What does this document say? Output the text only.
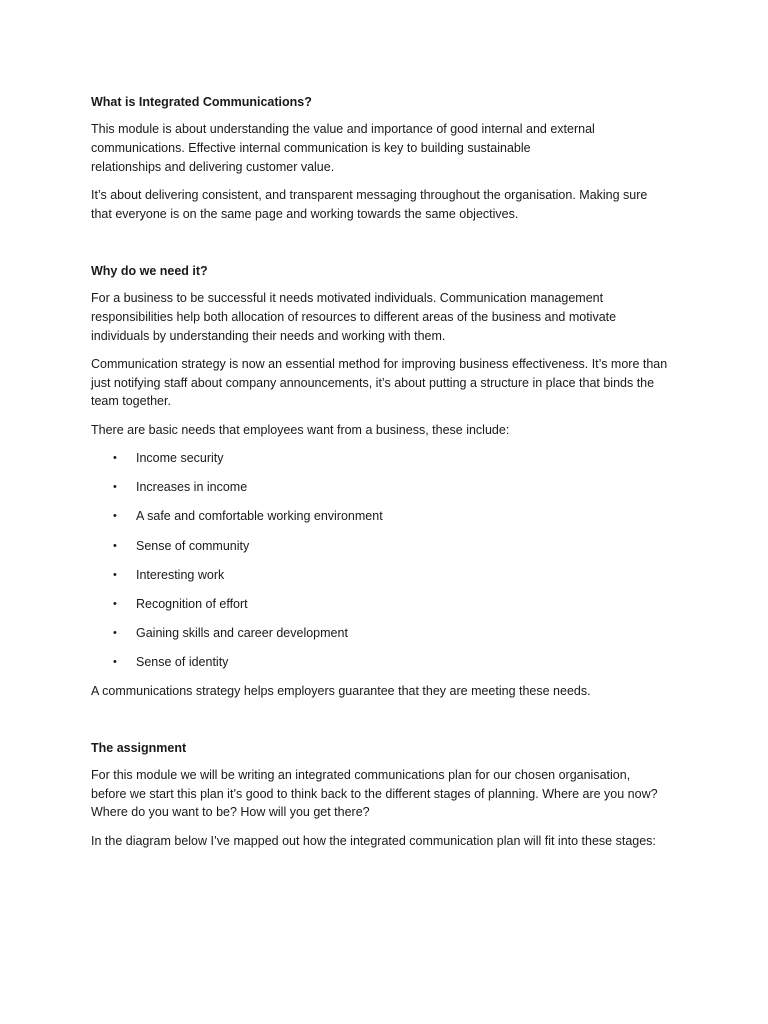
What is Integrated Communications?

This module is about understanding the value and importance of good internal and external
communications. Effective internal communication is key to building sustainable
relationships and delivering customer value.

It’s about delivering consistent, and transparent messaging throughout the organisation. Making sure
that everyone is on the same page and working towards the same objectives.

Why do we need it?

For a business to be successful it needs motivated individuals. Communication management
responsibilities help both allocation of resources to different areas of the business and motivate
individuals by understanding their needs and working with them.

Communication strategy is now an essential method for improving business effectiveness. It’s more than
just notifying staff about company announcements, it’s about putting a structure in place that binds the
team together.

There are basic needs that employees want from a business, these include:

• Income security
• Increases in income
• A safe and comfortable working environment
• Sense of community
• Interesting work
• Recognition of effort
• Gaining skills and career development
• Sense of identity

A communications strategy helps employers guarantee that they are meeting these needs.

The assignment

For this module we will be writing an integrated communications plan for our chosen organisation,
before we start this plan it’s good to think back to the different stages of planning. Where are you now?
Where do you want to be? How will you get there?

In the diagram below I’ve mapped out how the integrated communication plan will fit into these stages:
